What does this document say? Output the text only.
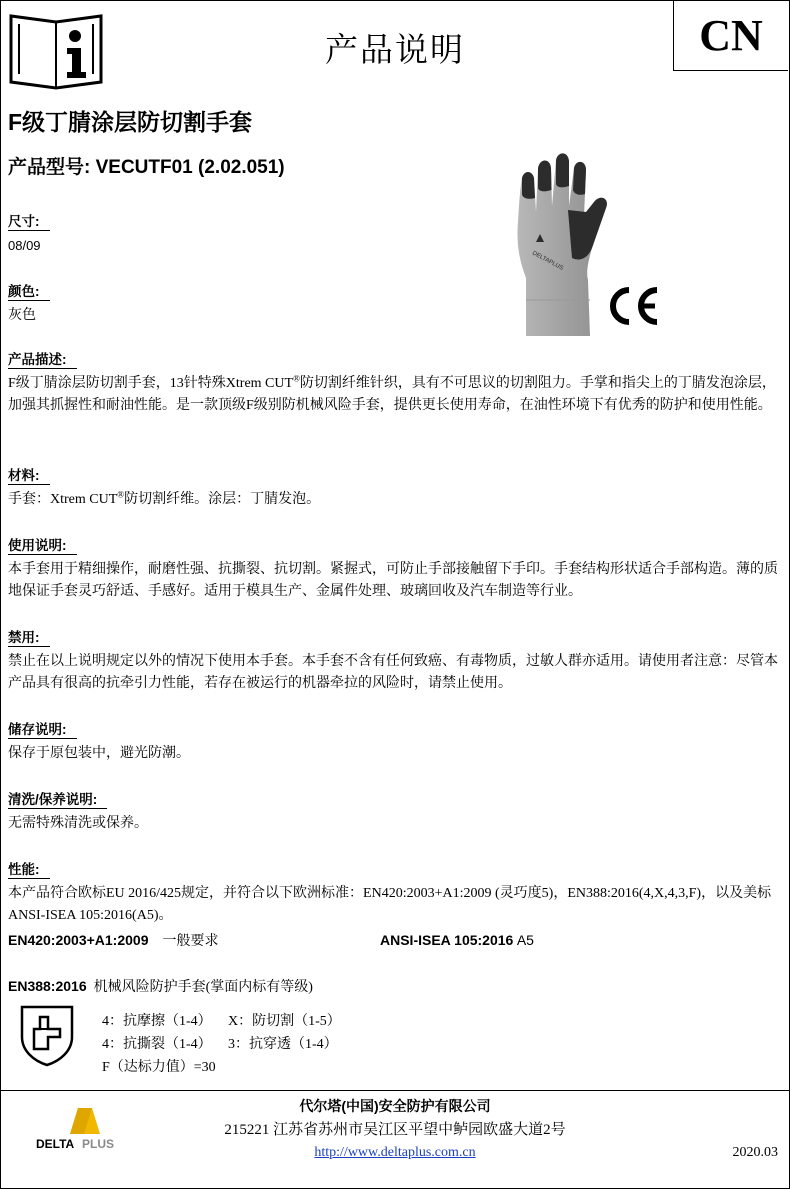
产品说明	CN
F级丁腈涂层防切割手套
产品型号: VECUTF01 (2.02.051)
DELTAPLUS
尺寸:
08/09
颜色:
灰色
产品描述:
F级丁腈涂层防切割手套，13针特殊Xtrem CUT®防切割纤维针织，具有不可思议的切割阻力。手掌和指尖上的丁腈发泡涂层，加强其抓握性和耐油性能。是一款顶级F级别防机械风险手套，提供更长使用寿命，在油性环境下有优秀的防护和使用性能。
材料:
手套：Xtrem CUT®防切割纤维。涂层：丁腈发泡。
使用说明:
本手套用于精细操作，耐磨性强、抗撕裂、抗切割。紧握式，可防止手部接触留下手印。手套结构形状适合手部构造。薄的质地保证手套灵巧舒适、手感好。适用于模具生产、金属件处理、玻璃回收及汽车制造等行业。
禁用:
禁止在以上说明规定以外的情况下使用本手套。本手套不含有任何致癌、有毒物质，过敏人群亦适用。请使用者注意：尽管本产品具有很高的抗牵引力性能，若存在被运行的机器牵拉的风险时，请禁止使用。
储存说明:
保存于原包装中，避光防潮。
清洗/保养说明:
无需特殊清洗或保养。
性能:
本产品符合欧标EU 2016/425规定，并符合以下欧洲标准：EN420:2003+A1:2009 (灵巧度5)，EN388:2016(4,X,4,3,F)，以及美标ANSI-ISEA 105:2016(A5)。
EN420:2003+A1:2009 一般要求	ANSI-ISEA 105:2016 A5
EN388:2016 机械风险防护手套(掌面内标有等级)
4：抗摩擦（1-4） X：防切割（1-5）
4：抗撕裂（1-4） 3：抗穿透（1-4）
F（达标力值）=30
DELTA PLUS
代尔塔(中国)安全防护有限公司
215221 江苏省苏州市吴江区平望中鲈园欧盛大道2号
http://www.deltaplus.com.cn	2020.03
